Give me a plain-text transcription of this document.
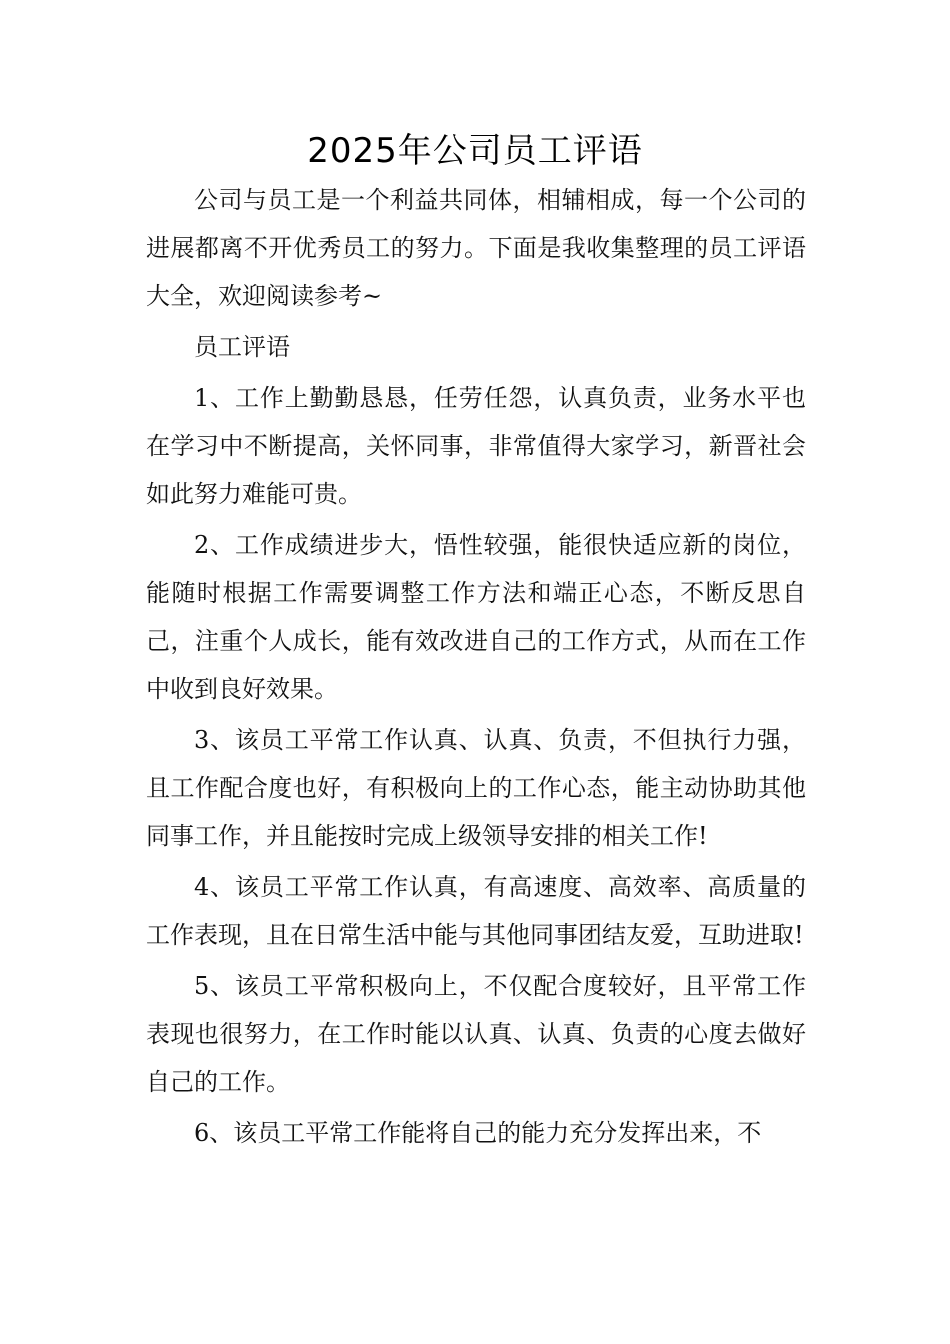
2025年公司员工评语

公司与员工是一个利益共同体，相辅相成，每一个公司的进展都离不开优秀员工的努力。下面是我收集整理的员工评语大全，欢迎阅读参考~

员工评语

1、工作上勤勤恳恳，任劳任怨，认真负责，业务水平也在学习中不断提高，关怀同事，非常值得大家学习，新晋社会如此努力难能可贵。

2、工作成绩进步大，悟性较强，能很快适应新的岗位，能随时根据工作需要调整工作方法和端正心态，不断反思自己，注重个人成长，能有效改进自己的工作方式，从而在工作中收到良好效果。

3、该员工平常工作认真、认真、负责，不但执行力强，且工作配合度也好，有积极向上的工作心态，能主动协助其他同事工作，并且能按时完成上级领导安排的相关工作!

4、该员工平常工作认真，有高速度、高效率、高质量的工作表现，且在日常生活中能与其他同事团结友爱，互助进取!

5、该员工平常积极向上，不仅配合度较好，且平常工作表现也很努力，在工作时能以认真、认真、负责的心度去做好自己的工作。

6、该员工平常工作能将自己的能力充分发挥出来，不
